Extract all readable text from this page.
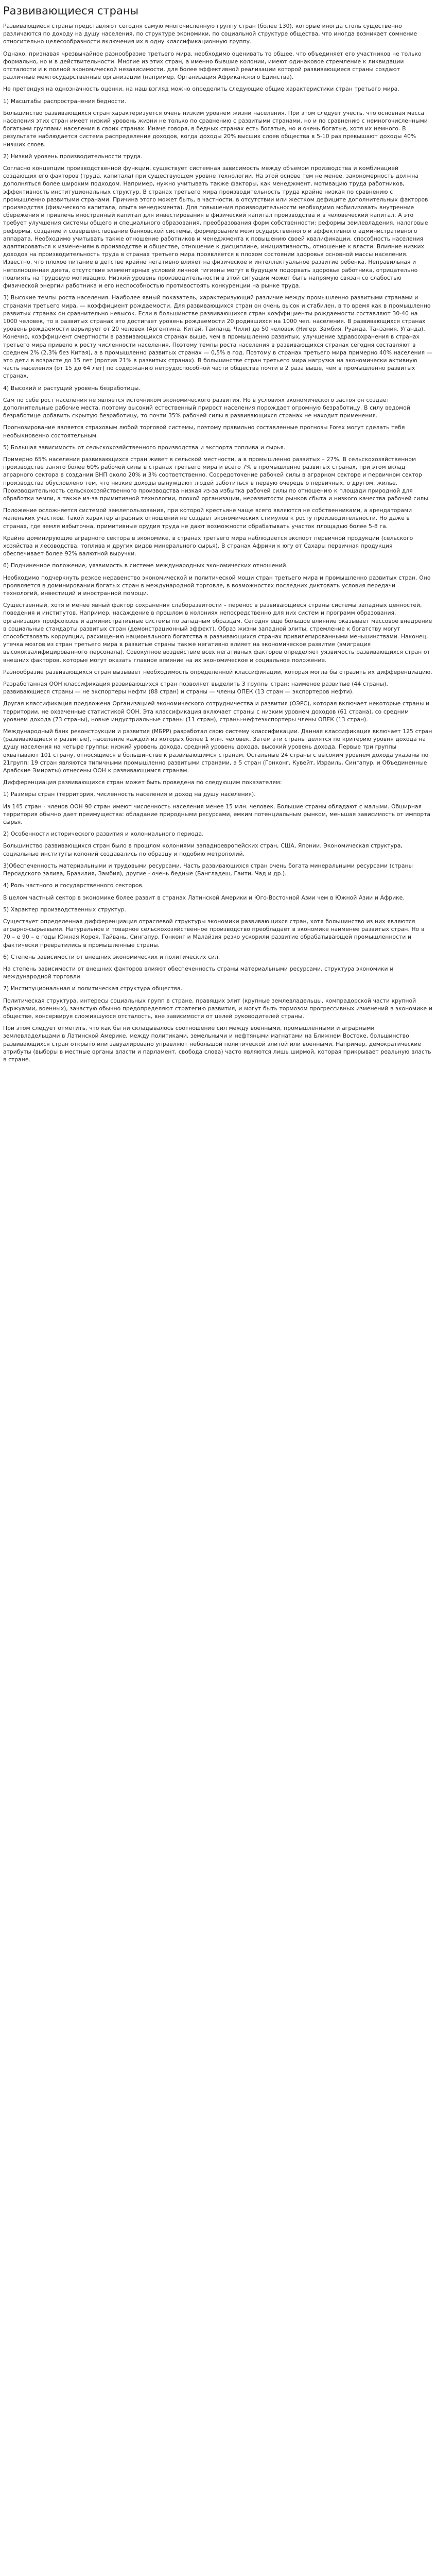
Развивающиеся страны

Развивающиеся страны представляют сегодня самую многочисленную группу стран (более 130), которые иногда столь существенно различаются по доходу на душу населения, по структуре экономики, по социальной структуре общества, что иногда возникает сомнение относительно целесообразности включения их в одну классификационную группу.

Однако, признавая чрезвычайное разнообразие третьего мира, необходимо оценивать то общее, что объединяет его участников не только формально, но и в действительности. Многие из этих стран, а именно бывшие колонии, имеют одинаковое стремление к ликвидации отсталости и к полной экономической независимости, для более эффективной реализации которой развивающиеся страны создают различные межгосударственные организации (например, Организация Африканского Единства).

Не претендуя на однозначность оценки, на наш взгляд можно определить следующие общие характеристики стран третьего мира.

1) Масштабы распространения бедности.

Большинство развивающихся стран характеризуется очень низким уровнем жизни населения. При этом следует учесть, что основная масса населения этих стран имеет низкий уровень жизни не только по сравнению с развитыми странами, но и по сравнению с немногочисленными богатыми группами населения в своих странах. Иначе говоря, в бедных странах есть богатые, но и очень богатые, хотя их немного. В результате наблюдается система распределения доходов, когда доходы 20% высших слоев общества в 5-10 раз превышают доходы 40% низших слоев.

2) Низкий уровень производительности труда.

Согласно концепции производственной функции, существует системная зависимость между объемом производства и комбинацией создающих его факторов (труда, капитала) при существующем уровне технологии. На этой основе тем не менее, закономерность должна дополняться более широким подходом. Например, нужно учитывать также факторы, как менеджмент, мотивацию труда работников, эффективность институциональных структур. В странах третьего мира производительность труда крайне низкая по сравнению с промышленно развитыми странами. Причина этого может быть, в частности, в отсутствии или жестком дефиците дополнительных факторов производства (физического капитала, опыта менеджмента). Для повышения производительности необходимо мобилизовать внутренние сбережения и привлечь иностранный капитал для инвестирования в физический капитал производства и в человеческий капитал. А это требует улучшения системы общего и специального образования, преобразования форм собственности: реформы землевладения, налоговые реформы, создание и совершенствование банковской системы, формирование межгосударственного и эффективного административного аппарата. Необходимо учитывать также отношение работников и менеджмента к повышению своей квалификации, способность населения адаптироваться к изменениям в производстве и обществе, отношение к дисциплине, инициативность, отношение к власти. Влияние низких доходов на производительность труда в странах третьего мира проявляется в плохом состоянии здоровья основной массы населения. Известно, что плохое питание в детстве крайне негативно влияет на физическое и интеллектуальное развитие ребенка. Неправильная и неполноценная диета, отсутствие элементарных условий личной гигиены могут в будущем подорвать здоровье работника, отрицательно повлиять на трудовую мотивацию. Низкий уровень производительности в этой ситуации может быть напрямую связан со слабостью физической энергии работника и его неспособностью противостоять конкуренции на рынке труда.

3) Высокие темпы роста населения. Наиболее явный показатель, характеризующий различие между промышленно развитыми странами и странами третьего мира, — коэффициент рождаемости. Для развивающихся стран он очень высок и стабилен, в то время как в промышленно развитых странах он сравнительно невысок. Если в большинстве развивающихся стран коэффициенты рождаемости составляют 30-40 на 1000 человек, то в развитых странах это достигает уровень рождаемости 20 родившихся на 1000 чел. населения. В развивающихся странах уровень рождаемости варьирует от 20 человек (Аргентина, Китай, Таиланд, Чили) до 50 человек (Нигер, Замбия, Руанда, Танзания, Уганда). Конечно, коэффициент смертности в развивающихся странах выше, чем в промышленно развитых, улучшение здравоохранения в странах третьего мира привело к росту численности населения. Поэтому темпы роста населения в развивающихся странах сегодня составляют в среднем 2% (2,3% без Китая), а в промышленно развитых странах — 0,5% в год. Поэтому в странах третьего мира примерно 40% населения — это дети в возрасте до 15 лет (против 21% в развитых странах). В большинстве стран третьего мира нагрузка на экономически активную часть населения (от 15 до 64 лет) по содержанию нетрудоспособной части общества почти в 2 раза выше, чем в промышленно развитых странах.

4) Высокий и растущий уровень безработицы.

Сам по себе рост населения не является источником экономического развития. Но в условиях экономического застоя он создает дополнительные рабочие места, поэтому высокий естественный прирост населения порождает огромную безработицу. В силу ведомой безработице добавить скрытую безработицу, то почти 35% рабочей силы в развивающихся странах не находит применения.

Прогнозирование является страховым любой торговой системы, поэтому правильно составленные прогнозы Forex могут сделать тебя необыкновенно состоятельным.

5) Большая зависимость от сельскохозяйственного производства и экспорта топлива и сырья.

Примерно 65% населения развивающихся стран живет в сельской местности, а в промышленно развитых – 27%. В сельскохозяйственном производстве занято более 60% рабочей силы в странах третьего мира и всего 7% в промышленно развитых странах, при этом вклад аграрного сектора в создании ВНП около 20% и 3% соответственно. Сосредоточение рабочей силы в аграрном секторе и первичном сектор производства обусловлено тем, что низкие доходы вынуждают людей заботиться в первую очередь о первичных, о другом, жилье. Производительность сельскохозяйственного производства низкая из-за избытка рабочей силы по отношению к площади природной для обработки земли, а также из-за примитивной технологии, плохой организации, неразвитости рынков сбыта и низкого качества рабочей силы.

Положение осложняется системой землепользования, при которой крестьяне чаще всего являются не собственниками, а арендаторами маленьких участков. Такой характер аграрных отношений не создает экономических стимулов к росту производительности. Но даже в странах, где земля избыточна, примитивные орудия труда не дают возможности обрабатывать участок площадью более 5-8 га.

Крайне доминирующие аграрного сектора в экономике, в странах третьего мира наблюдается экспорт первичной продукции (сельского хозяйства и лесоводства, топлива и других видов минерального сырья). В странах Африки к югу от Сахары первичная продукция обеспечивает более 92% валютной выручки.

6) Подчиненное положение, уязвимость в системе международных экономических отношений.

Необходимо подчеркнуть резкое неравенство экономической и политической мощи стран третьего мира и промышленно развитых стран. Оно проявляется в доминировании богатых стран в международной торговле, в возможностях последних диктовать условия передачи технологий, инвестиций и иностранной помощи.

Существенный, хотя и менее явный фактор сохранения слаборазвитости – перенос в развивающиеся страны системы западных ценностей, поведения и институтов. Например, насаждение в прошлом в колониях непосредственно для них систем и программ образования, организация профсоюзов и административные системы по западным образцам. Сегодня ещё большое влияние оказывает массовое внедрение в социальные стандарты развитых стран (демонстрационный эффект). Образ жизни западной элиты, стремление к богатству могут способствовать коррупции, расхищению национального богатства в развивающихся странах привилегированными меньшинствами. Наконец, утечка мозгов из стран третьего мира в развитые страны также негативно влияет на экономическое развитие (эмиграция высококвалифицированного персонала). Совокупное воздействие всех негативных факторов определяет уязвимость развивающихся стран от внешних факторов, которые могут оказать главное влияние на их экономическое и социальное положение.

Разнообразие развивающихся стран вызывает необходимость определенной классификации, которая могла бы отразить их дифференциацию.

Разработанная ООН классификация развивающихся стран позволяет выделить 3 группы стран: наименее развитые (44 страны), развивающиеся страны — не экспортеры нефти (88 стран) и страны — члены ОПЕК (13 стран — экспортеров нефти).

Другая классификация предложена Организацией экономического сотрудничества и развития (ОЭРС), которая включает некоторые страны и территории, не охваченные статистикой ООН. Эта классификация включает страны с низким уровнем доходов (61 страна), со средним уровнем дохода (73 страны), новые индустриальные страны (11 стран), страны-нефтеэкспортеры члены ОПЕК (13 стран).

Международный банк реконструкции и развития (МБРР) разработал свою систему классификации. Данная классификация включает 125 стран (развивающиеся и развитые), население каждой из которых более 1 млн. человек. Затем эти страны делятся по критерию уровня дохода на душу населения на четыре группы: низкий уровень дохода, средний уровень дохода, высокий уровень дохода. Первые три группы охватывают 101 страну, относящиеся в большинстве к развивающимся странам. Остальные 24 страны с высоким уровнем дохода указаны по 21групп; 19 стран являются типичными промышленно развитыми странами, а 5 стран (Гонконг, Кувейт, Израиль, Сингапур, и Объединенные Арабские Эмираты) отнесены ООН к развивающимся странам.

Дифференциация развивающихся стран может быть проведена по следующим показателям:

1) Размеры стран (территория, численность населения и доход на душу населения).

Из 145 стран - членов ООН 90 стран имеют численность населения менее 15 млн. человек. Большие страны обладают с малыми. Обширная территория обычно дает преимущества: обладание природными ресурсами, емким потенциальным рынком, меньшая зависимость от импорта сырья.

2) Особенности исторического развития и колониального периода.

Большинство развивающихся стран было в прошлом колониями западноевропейских стран, США, Японии. Экономическая структура, социальные институты колоний создавались по образцу и подобию метрополий.

3)Обеспеченность материальными и трудовыми ресурсами. Часть развивающихся стран очень богата минеральными ресурсами (страны Персидского залива, Бразилия, Замбия), другие - очень бедные (Бангладеш, Гаити, Чад и др.).

4) Роль частного и государственного секторов.

В целом частный сектор в экономике более развит в странах Латинской Америки и Юго-Восточной Азии чем в Южной Азии и Африке.

5) Характер производственных структур.

Существует определенная дифференциация отраслевой структуры экономики развивающихся стран, хотя большинство из них являются аграрно-сырьевыми. Натуральное и товарное сельскохозяйственное производство преобладает в экономике наименее развитых стран. Но в 70 – е 90 – е годы Южная Корея, Тайвань, Сингапур, Гонконг и Малайзия резко ускорили развитие обрабатывающей промышленности и фактически превратились в промышленные страны.

6) Степень зависимости от внешних экономических и политических сил.

На степень зависимости от внешних факторов влияют обеспеченность страны материальными ресурсами, структура экономики и международной торговли.

7) Институциональная и политическая структура общества.

Политическая структура, интересы социальных групп в стране, правящих элит (крупные землевладельцы, компрадорской части крупной буржуазии, военных), зачастую обычно предопределяют стратегию развития, и могут быть тормозом прогрессивных изменений в экономике и обществе, консервируя сложившуюся отсталость, вне зависимости от целей руководителей страны.

При этом следует отметить, что как бы ни складывалось соотношение сил между военными, промышленными и аграрными землевладельцами в Латинской Америке, между политиками, земельными и нефтяными магнатами на Ближнем Востоке, большинство развивающихся стран открыто или завуалировано управляют небольшой политической элитой или военными. Например, демократические атрибуты (выборы в местные органы власти и парламент, свобода слова) часто являются лишь ширмой, которая прикрывает реальную власть в стране.
